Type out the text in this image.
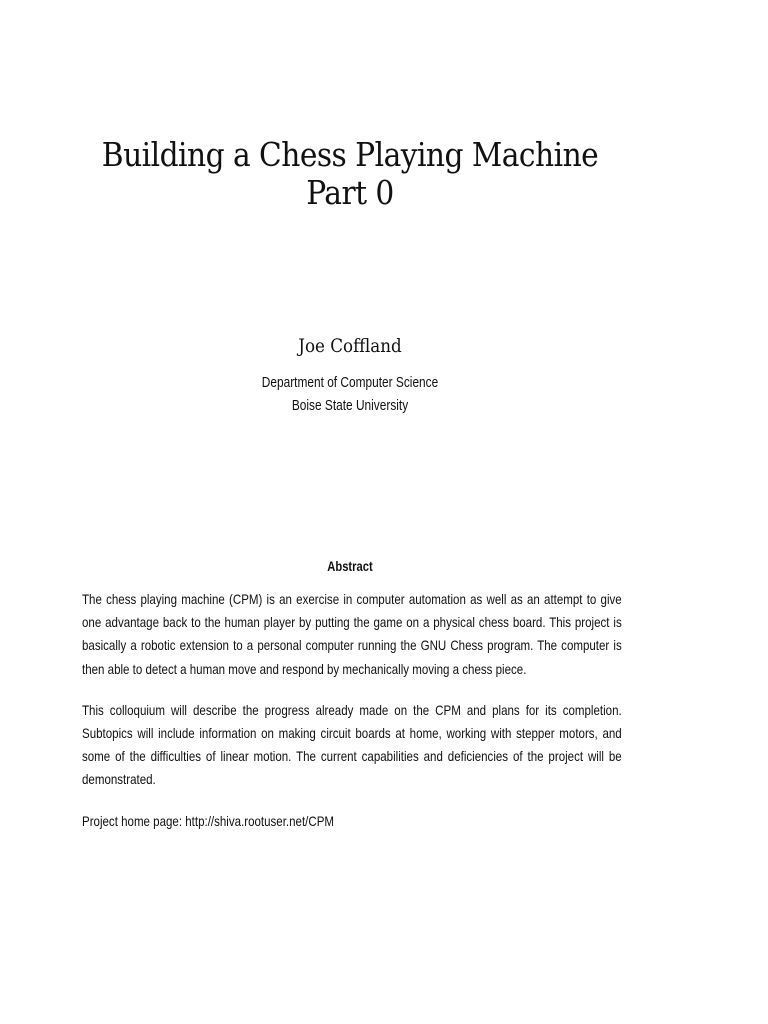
Building a Chess Playing Machine
Part 0
Joe Coffland
Department of Computer Science
Boise State University
Abstract

The chess playing machine (CPM) is an exercise in computer automation as well as an attempt to give one advantage back to the human player by putting the game on a physical chess board. This project is basically a robotic extension to a personal computer running the GNU Chess program. The computer is then able to detect a human move and respond by mechanically moving a chess piece.

This colloquium will describe the progress already made on the CPM and plans for its completion. Subtopics will include information on making circuit boards at home, working with stepper motors, and some of the difficulties of linear motion. The current capabilities and deficiencies of the project will be demonstrated.

Project home page: http://shiva.rootuser.net/CPM
